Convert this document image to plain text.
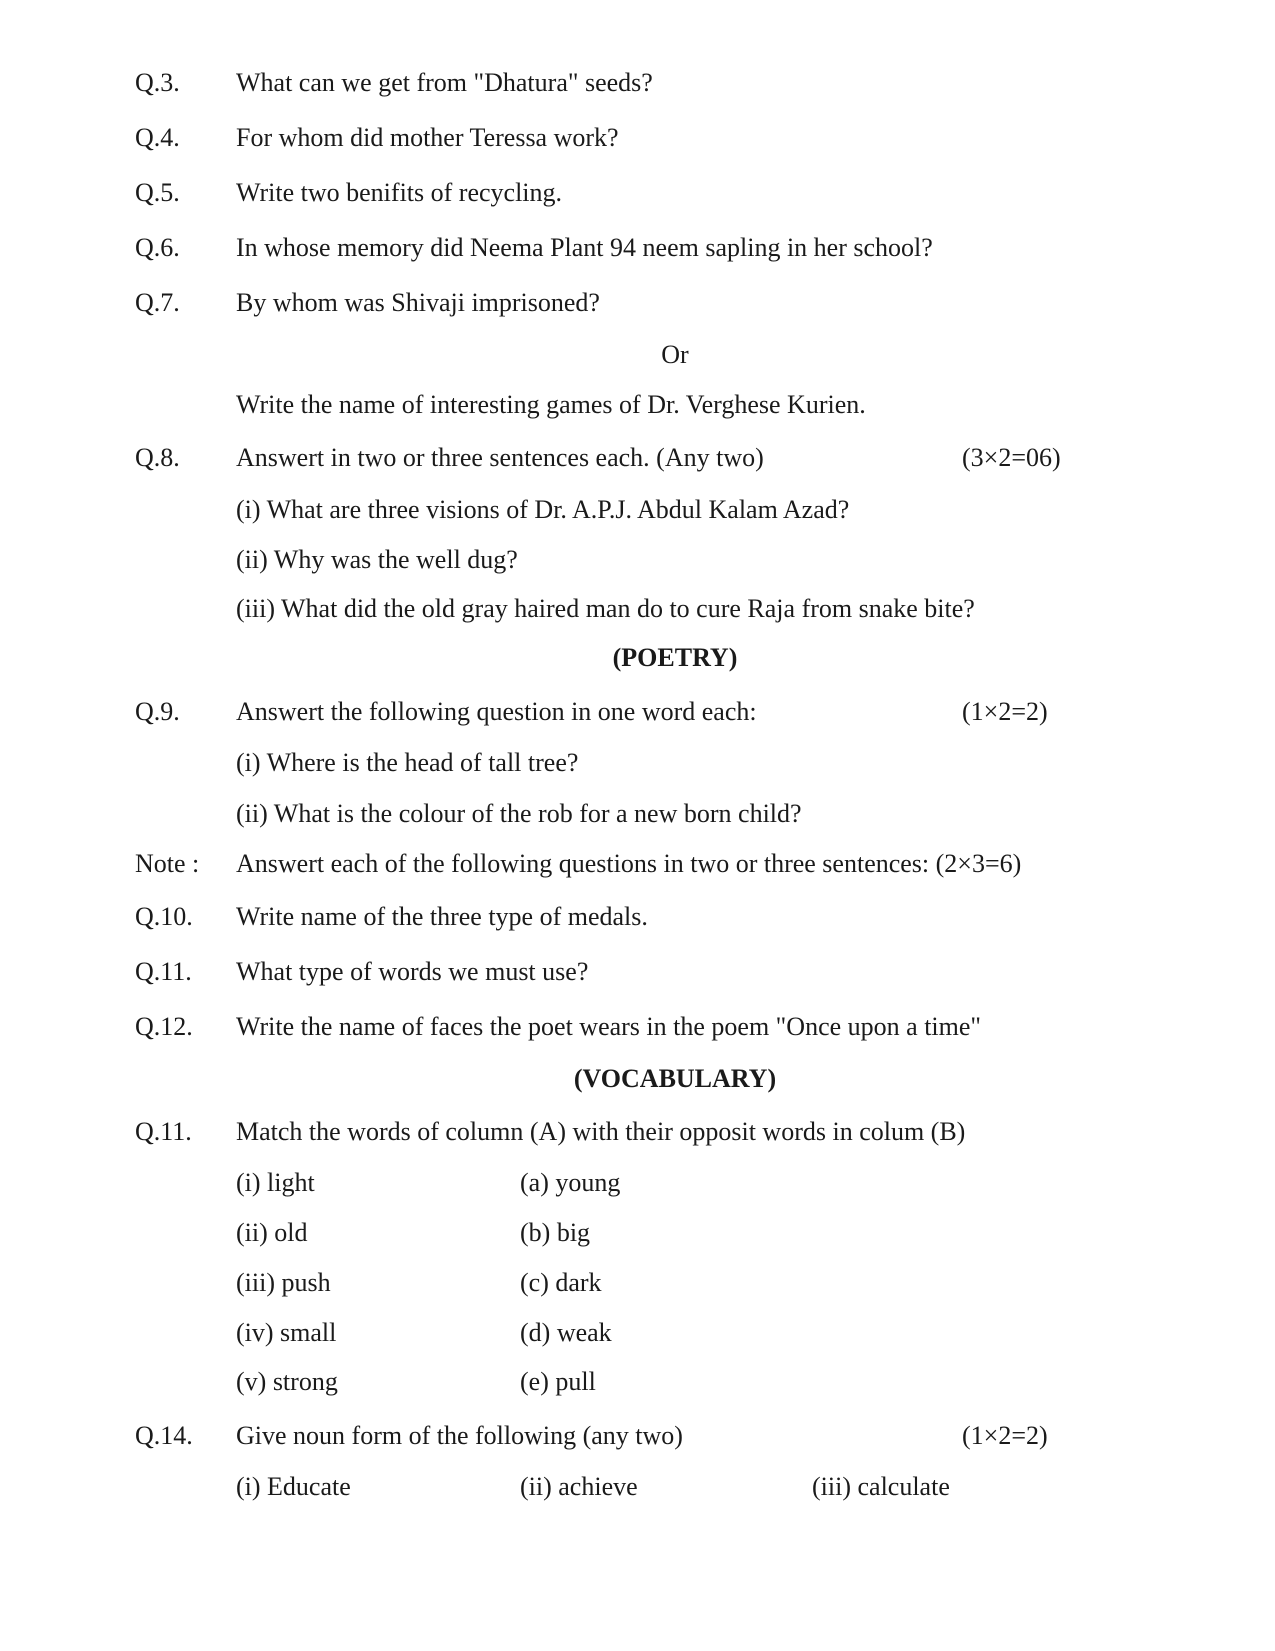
Q.3. What can we get from "Dhatura" seeds?
Q.4. For whom did mother Teressa work?
Q.5. Write two benifits of recycling.
Q.6. In whose memory did Neema Plant 94 neem sapling in her school?
Q.7. By whom was Shivaji imprisoned?
Or
Write the name of interesting games of Dr. Verghese Kurien.
Q.8. Answert in two or three sentences each. (Any two)	(3×2=06)
(i) What are three visions of Dr. A.P.J. Abdul Kalam Azad?
(ii) Why was the well dug?
(iii) What did the old gray haired man do to cure Raja from snake bite?
(POETRY)
Q.9. Answert the following question in one word each:	(1×2=2)
(i) Where is the head of tall tree?
(ii) What is the colour of the rob for a new born child?
Note : Answert each of the following questions in two or three sentences: (2×3=6)
Q.10. Write name of the three type of medals.
Q.11. What type of words we must use?
Q.12. Write the name of faces the poet wears in the poem "Once upon a time"
(VOCABULARY)
Q.11. Match the words of column (A) with their opposit words in colum (B)
(i) light	(a) young
(ii) old	(b) big
(iii) push	(c) dark
(iv) small	(d) weak
(v) strong	(e) pull
Q.14. Give noun form of the following (any two)	(1×2=2)
(i) Educate	(ii) achieve	(iii) calculate
